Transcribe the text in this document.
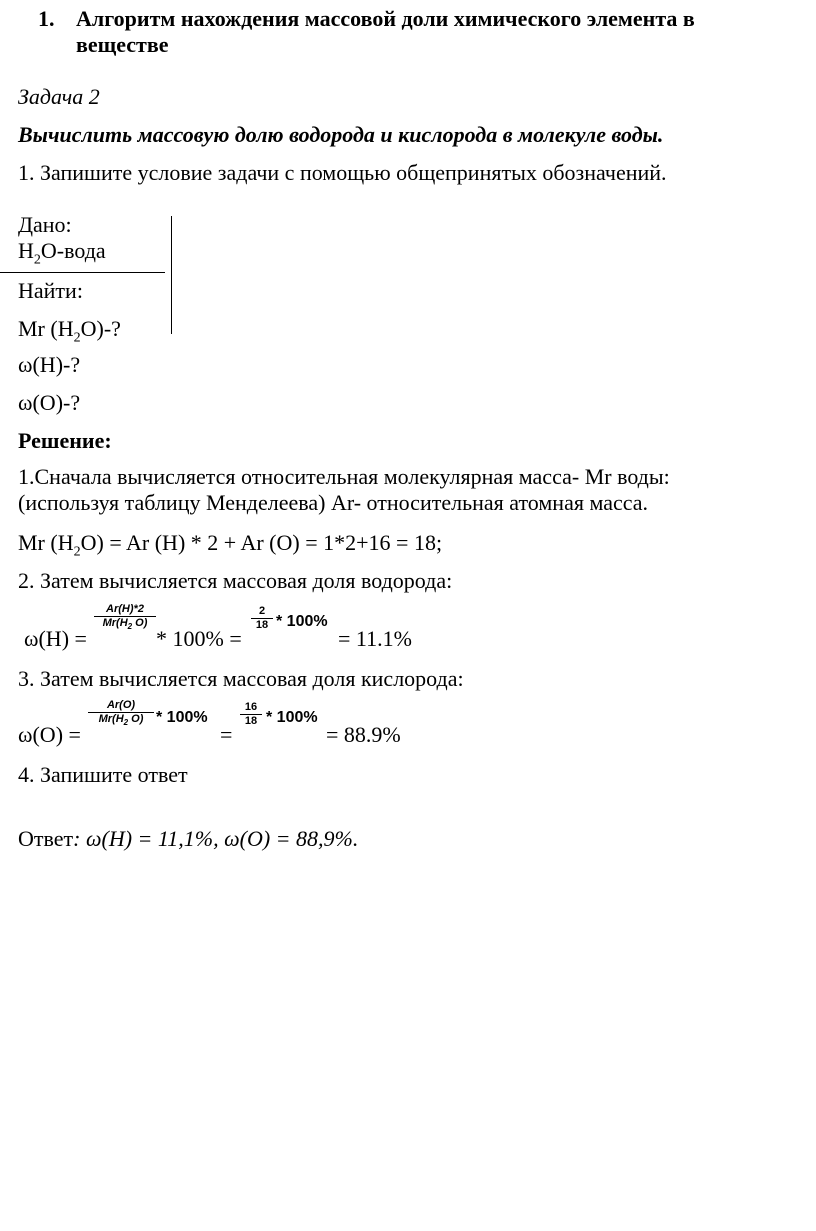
1. Алгоритм нахождения массовой доли химического элемента в
веществе
Задача 2
Вычислить массовую долю водорода и кислорода в молекуле воды.
1. Запишите условие задачи с помощью общепринятых обозначений.
Дано:
$H_2O$-вода
Найти:
Mr $(H_2O)-$?
ω(H)-?
ω(O)-?
Решение:
1.Сначала вычисляется относительная молекулярная масса- Mr воды:
(используя таблицу Менделеева) Ar- относительная атомная масса.
Mr $(H_2O) = Ar$ (H) * 2 + Ar (O) = 1*2+16 = 18;
2. Затем вычисляется массовая доля водорода:
ω(H) =
Ar(H)*2
$Mr(H_2$ O)
* 100% =
2
18 * 100%
= 11.1%
3. Затем вычисляется массовая доля кислорода:
ω(O) =
Ar(O)
$Mr(H_2$ O) * 100%
=
16
18 * 100%
= 88.9%
4. Запишите ответ
Ответ: ω(H) = 11,1%, ω(O) = 88,9%.
